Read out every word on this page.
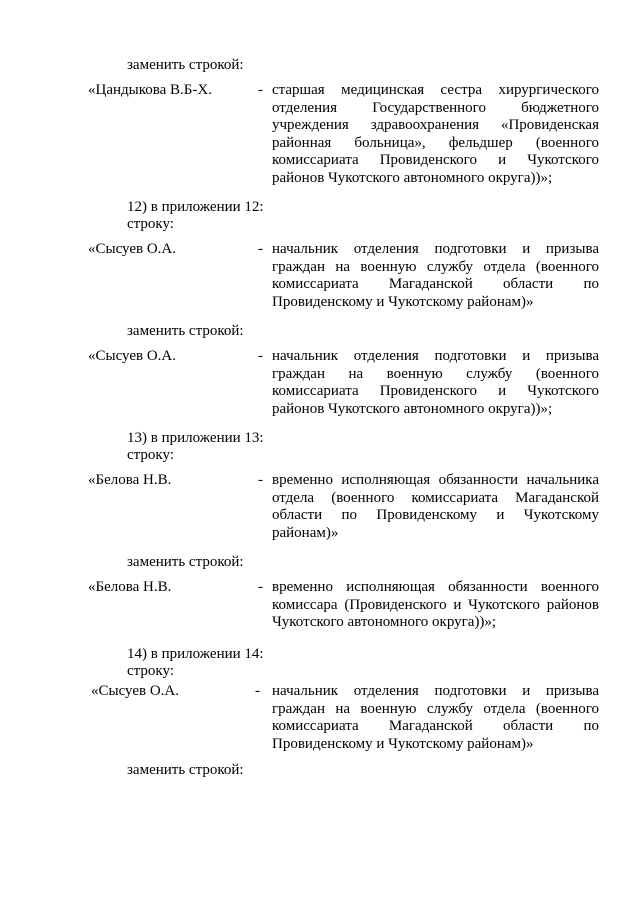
заменить строкой:
«Цандыкова В.Б-Х.	- старшая медицинская сестра хирургического отделения Государственного бюджетного учреждения здравоохранения «Провиденская районная больница», фельдшер (военного комиссариата Провиденского и Чукотского районов Чукотского автономного округа))»;
12) в приложении 12:
строку:
«Сысуев О.А.	- начальник отделения подготовки и призыва граждан на военную службу отдела (военного комиссариата Магаданской области по Провиденскому и Чукотскому районам)»
заменить строкой:
«Сысуев О.А.	- начальник отделения подготовки и призыва граждан на военную службу (военного комиссариата Провиденского и Чукотского районов Чукотского автономного округа))»;
13) в приложении 13:
строку:
«Белова Н.В.	- временно исполняющая обязанности начальника отдела (военного комиссариата Магаданской области по Провиденскому и Чукотскому районам)»
заменить строкой:
«Белова Н.В.	- временно исполняющая обязанности военного комиссара (Провиденского и Чукотского районов Чукотского автономного округа))»;
14) в приложении 14:
строку:
«Сысуев О.А.	- начальник отделения подготовки и призыва граждан на военную службу отдела (военного комиссариата Магаданской области по Провиденскому и Чукотскому районам)»
заменить строкой:
